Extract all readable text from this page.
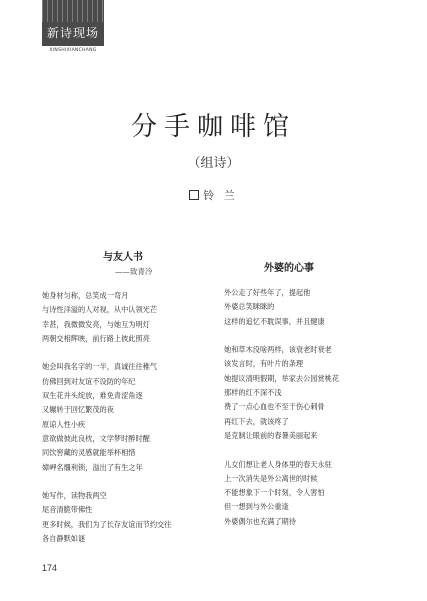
新诗现场
XINSHIXIANCHANG
分手咖啡馆
（组诗）
铃 兰
与友人书
——致青冷
她身材匀称，总笑成一弯月
与诗性洋溢的人对视，从中认领光芒
幸甚，我微微发亮，与她互为明灯
两朝交相辉映，前行路上彼此照亮
她会叫我名字的一半，真诚往往稚气
仿佛回到对友谊不设防的年纪
双生花并头绽放，难免青涩角逐
又辗转于回忆繁茂的夜
原谅人性小疾
意欲做彼此良枕，文学梦时醉时醒
同饮窖藏的灵感就能举杯相惜
嫜岬名缰利锁，溢出了有生之年
她写作，读物我两空
尾音清脆带佛性
更多时候，我们为了长存友谊而节约交往
各自静默如谜
外婆的心事
外公走了好些年了，提起他
外婆总笑眯眯的
这样的追忆不耽误事，并且健康
她和草木没啥两样，该衰老时衰老
该发言时，有叶片的条理
她提议清明假期，举家去公园赏桃花
那样的红不深不浅
费了一点心血也不至于伤心刺骨
再红下去，就该疼了
是克制让眼前的春暑美丽起来
儿女们想让老人身体里的春天永驻
上一次消失是外公离世的时候
不能想象下一个时刻，令人害怕
但一想到与外公重逢
外婆偶尔也充满了期待
174
